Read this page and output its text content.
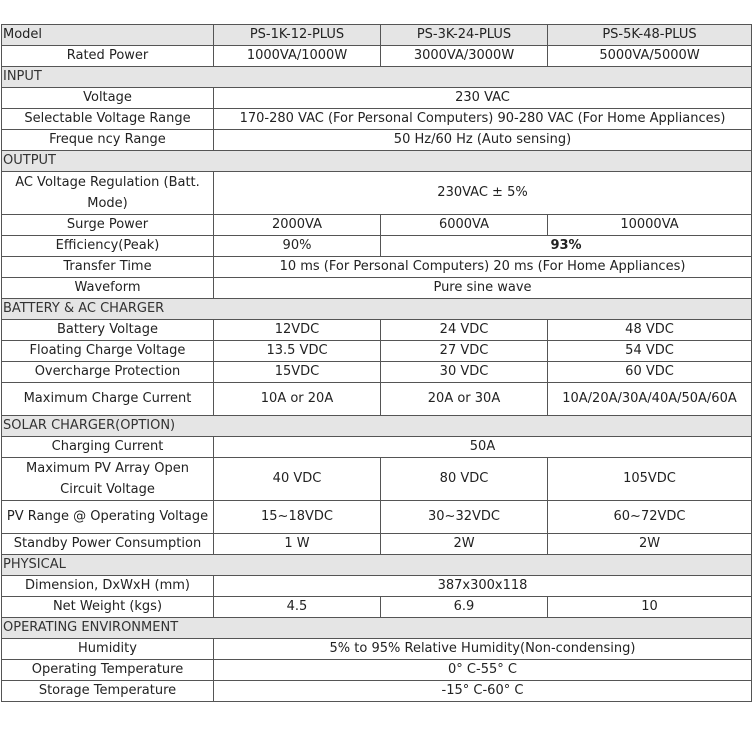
Model	PS-1K-12-PLUS	PS-3K-24-PLUS	PS-5K-48-PLUS
Rated Power	1000VA/1000W	3000VA/3000W	5000VA/5000W
INPUT			
Voltage	230 VAC		
Selectable Voltage Range	170-280 VAC (For Personal Computers) 90-280 VAC (For Home Appliances)		
Freque ncy Range	50 Hz/60 Hz (Auto sensing)		
OUTPUT			
AC Voltage Regulation (Batt. Mode)	230VAC ± 5%		
Surge Power	2000VA	6000VA	10000VA
Efficiency(Peak)	90%	93%	
Transfer Time	10 ms (For Personal Computers) 20 ms (For Home Appliances)		
Waveform	Pure sine wave		
BATTERY & AC CHARGER			
Battery Voltage	12VDC	24 VDC	48 VDC
Floating Charge Voltage	13.5 VDC	27 VDC	54 VDC
Overcharge Protection	15VDC	30 VDC	60 VDC
Maximum Charge Current	10A or 20A	20A or 30A	10A/20A/30A/40A/50A/60A
SOLAR CHARGER(OPTION)			
Charging Current	50A		
Maximum PV Array Open Circuit Voltage	40 VDC	80 VDC	105VDC
PV Range @ Operating Voltage	15~18VDC	30~32VDC	60~72VDC
Standby Power Consumption	1 W	2W	2W
PHYSICAL			
Dimension, DxWxH (mm)	387x300x118		
Net Weight (kgs)	4.5	6.9	10
OPERATING ENVIRONMENT			
Humidity	5% to 95% Relative Humidity(Non-condensing)		
Operating Temperature	0° C-55° C		
Storage Temperature	-15° C-60° C		
